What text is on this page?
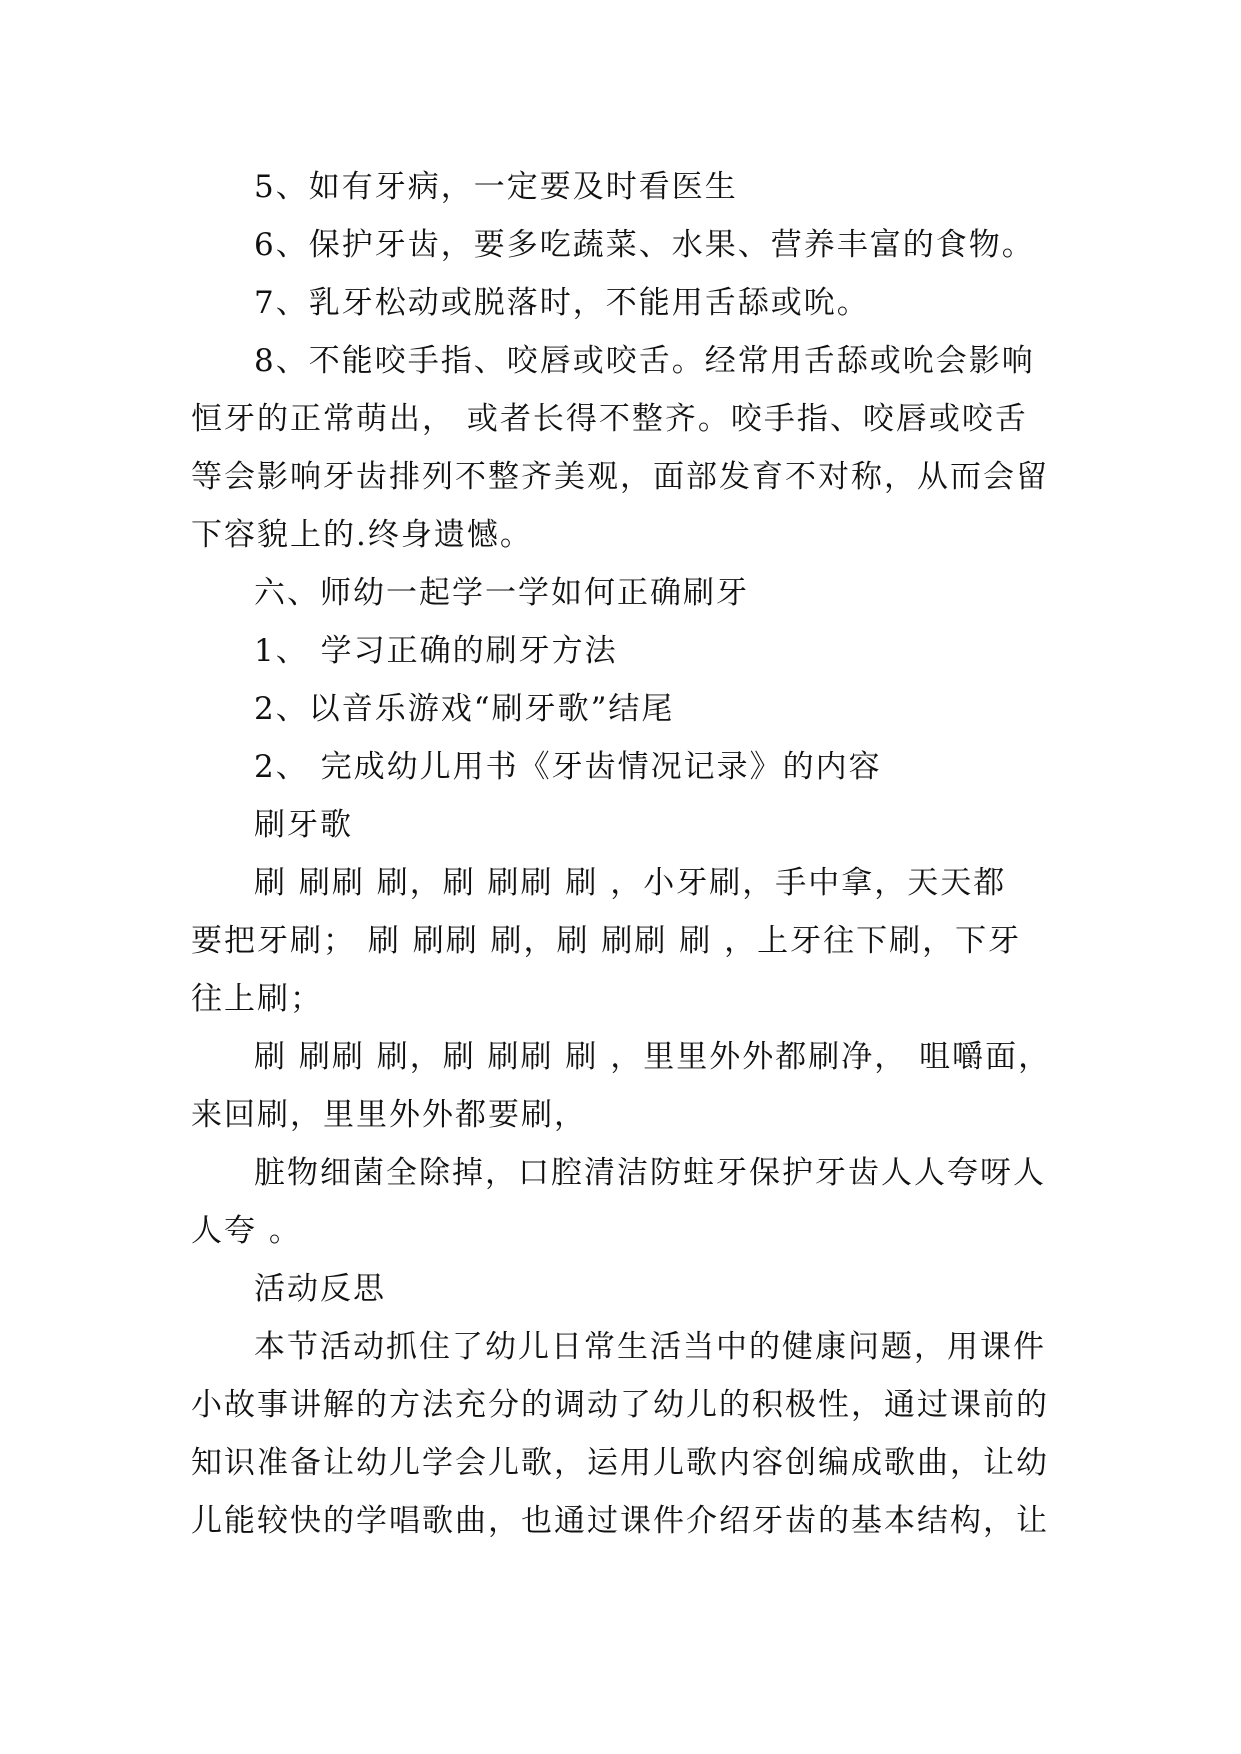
5、如有牙病，一定要及时看医生
6、保护牙齿，要多吃蔬菜、水果、营养丰富的食物。
7、乳牙松动或脱落时，不能用舌舔或吮。
8、不能咬手指、咬唇或咬舌。经常用舌舔或吮会影响
恒牙的正常萌出， 或者长得不整齐。咬手指、咬唇或咬舌
等会影响牙齿排列不整齐美观，面部发育不对称，从而会留
下容貌上的.终身遗憾。
六、师幼一起学一学如何正确刷牙
1、 学习正确的刷牙方法
2、以音乐游戏“刷牙歌”结尾
2、 完成幼儿用书《牙齿情况记录》的内容
刷牙歌
刷 刷刷 刷，刷 刷刷 刷 ，小牙刷，手中拿，天天都
要把牙刷； 刷 刷刷 刷，刷 刷刷 刷 ，上牙往下刷，下牙
往上刷；
刷 刷刷 刷，刷 刷刷 刷 ，里里外外都刷净， 咀嚼面，
来回刷，里里外外都要刷，
脏物细菌全除掉，口腔清洁防蛀牙保护牙齿人人夸呀人
人夸 。
活动反思
本节活动抓住了幼儿日常生活当中的健康问题，用课件
小故事讲解的方法充分的调动了幼儿的积极性，通过课前的
知识准备让幼儿学会儿歌，运用儿歌内容创编成歌曲，让幼
儿能较快的学唱歌曲，也通过课件介绍牙齿的基本结构，让
